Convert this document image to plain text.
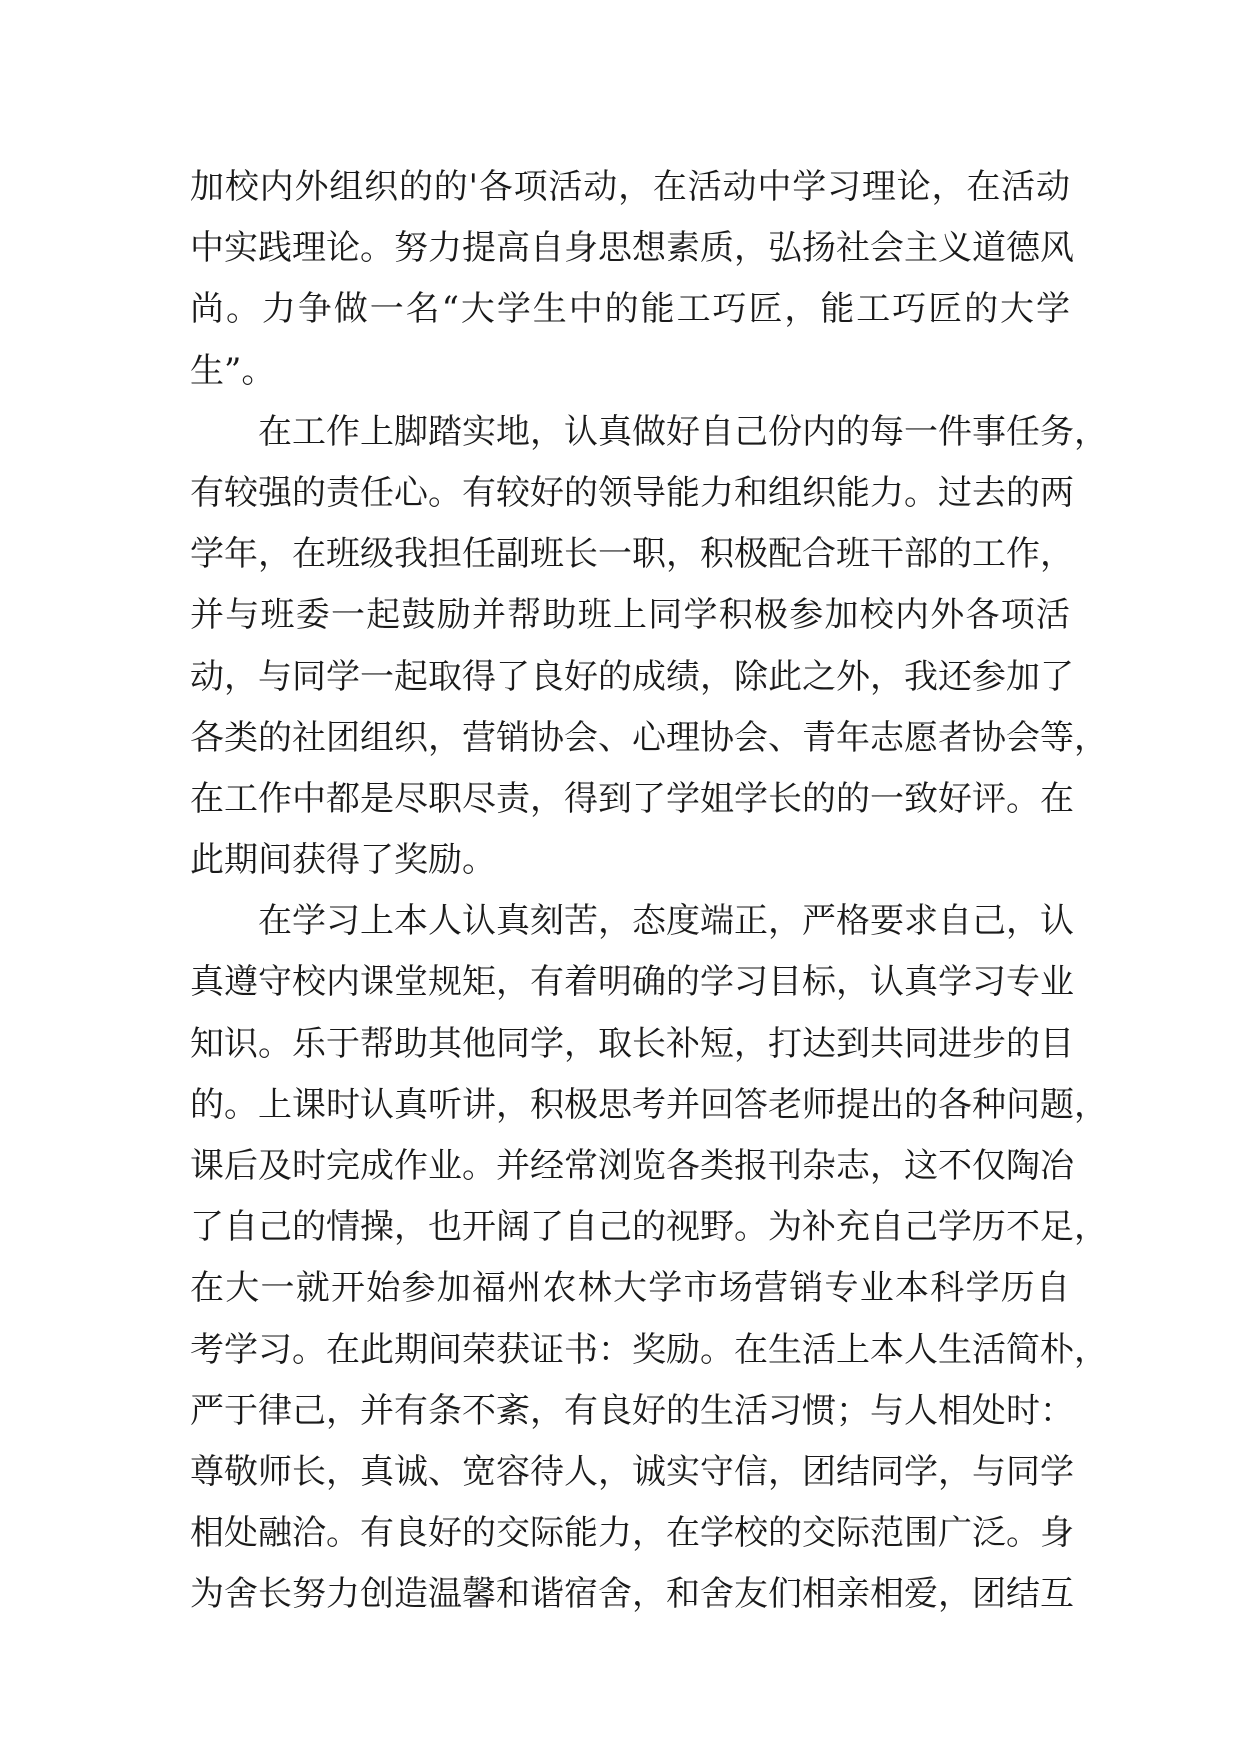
加校内外组织的的'各项活动，在活动中学习理论，在活动
中实践理论。努力提高自身思想素质，弘扬社会主义道德风
尚。力争做一名“大学生中的能工巧匠，能工巧匠的大学
生”。
在工作上脚踏实地，认真做好自己份内的每一件事任务，
有较强的责任心。有较好的领导能力和组织能力。过去的两
学年，在班级我担任副班长一职，积极配合班干部的工作，
并与班委一起鼓励并帮助班上同学积极参加校内外各项活
动，与同学一起取得了良好的成绩，除此之外，我还参加了
各类的社团组织，营销协会、心理协会、青年志愿者协会等，
在工作中都是尽职尽责，得到了学姐学长的的一致好评。在
此期间获得了奖励。
在学习上本人认真刻苦，态度端正，严格要求自己，认
真遵守校内课堂规矩，有着明确的学习目标，认真学习专业
知识。乐于帮助其他同学，取长补短，打达到共同进步的目
的。上课时认真听讲，积极思考并回答老师提出的各种问题，
课后及时完成作业。并经常浏览各类报刊杂志，这不仅陶冶
了自己的情操，也开阔了自己的视野。为补充自己学历不足，
在大一就开始参加福州农林大学市场营销专业本科学历自
考学习。在此期间荣获证书：奖励。在生活上本人生活简朴，
严于律己，并有条不紊，有良好的生活习惯；与人相处时：
尊敬师长，真诚、宽容待人，诚实守信，团结同学，与同学
相处融洽。有良好的交际能力，在学校的交际范围广泛。身
为舍长努力创造温馨和谐宿舍，和舍友们相亲相爱，团结互
